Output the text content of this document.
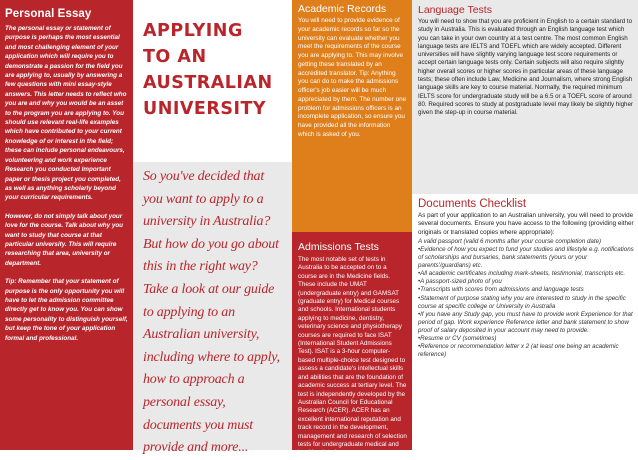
Personal Essay

The personal essay or statement of purpose is perhaps the most essential and most challenging element of your application which will require you to demonstrate a passion for the field you are applying to, usually by answering a few questions with mini essay-style answers. This letter needs to reflect who you are and why you would be an asset to the program you are applying to. You should use relevant real-life examples which have contributed to your current knowledge of or interest in the field; these can include personal endeavours, volunteering and work experience Research you conducted Important paper or thesis project you completed, as well as anything scholarly beyond your curricular requirements.

However, do not simply talk about your love for the course. Talk about why you want to study that course at that particular university. This will require researching that area, university or department.

Tip: Remember that your statement of purpose is the only opportunity you will have to let the admission committee directly get to know you. You can show some personality to distinguish yourself, but keep the tone of your application formal and professional.

APPLYING
TO AN
AUSTRALIAN
UNIVERSITY

So you've decided that you want to apply to a university in Australia? But how do you go about this in the right way? Take a look at our guide to applying to an Australian university, including where to apply, how to approach a personal essay, documents you must provide and more...

Academic Records

You will need to provide evidence of your academic records so far so the university can evaluate whether you meet the requirements of the course you are applying to. This may involve getting these translated by an accredited translator. Tip: Anything you can do to make the admissions officer's job easier will be much appreciated by them. The number one problem for admissions officers is an incomplete application, so ensure you have provided all the information which is asked of you.

Admissions Tests

The most notable set of tests in Australia to be accepted on to a course are in the Medicine fields. These include the UMAT (undergraduate entry) and GAMSAT (graduate entry) for Medical courses and schools. International students applying to medicine, dentistry, veterinary science and physiotherapy courses are required to face ISAT (International Student Admissions Test). ISAT is a 3-hour computer-based multiple-choice test designed to assess a candidate's intellectual skills and abilities that are the foundation of academic success at tertiary level. The test is independently developed by the Australian Council for Educational Research (ACER). ACER has an excellent international reputation and track record in the development, management and research of selection tests for undergraduate medical and health related programs.

Language Tests

You will need to show that you are proficient in English to a certain standard to study in Australia. This is evaluated through an English language test which you can take in your own country at a test centre. The most common English language tests are IELTS and TOEFL which are widely accepted. Different universities will have slightly varying language test score requirements or accept certain language tests only. Certain subjects will also require slightly higher overall scores or higher scores in particular areas of these language tests; these often include Law, Medicine and Journalism, where strong English language skills are key to course material. Normally, the required minimum IELTS score for undergraduate study will be a 6.5 or a TOEFL score of around 80. Required scores to study at postgraduate level may likely be slightly higher given the step-up in course material.

Documents Checklist

As part of your application to an Australian university, you will need to provide several documents. Ensure you have access to the following (providing either originals or translated copies where appropriate):

A valid passport (valid 6 months after your course completion date)
•Evidence of how you expect to fund your studies and lifestyle e.g. notifications of scholarships and bursaries, bank statements (yours or your parents'/guardians) etc.
•All academic certificates including mark-sheets, testimonial, transcripts etc.
•A passport-sized photo of you
•Transcripts with scores from admissions and language tests
•Statement of purpose stating why you are interested to study in the specific course at specific college or University in Australia
•If you have any Study gap, you must have to provide work Experience for that period of gap. Work experience Reference letter and bank statement to show proof of salary deposited in your account may need to provide.
•Resume or CV (sometimes)
•Reference or recommendation letter x 2 (at least one being an academic reference)
